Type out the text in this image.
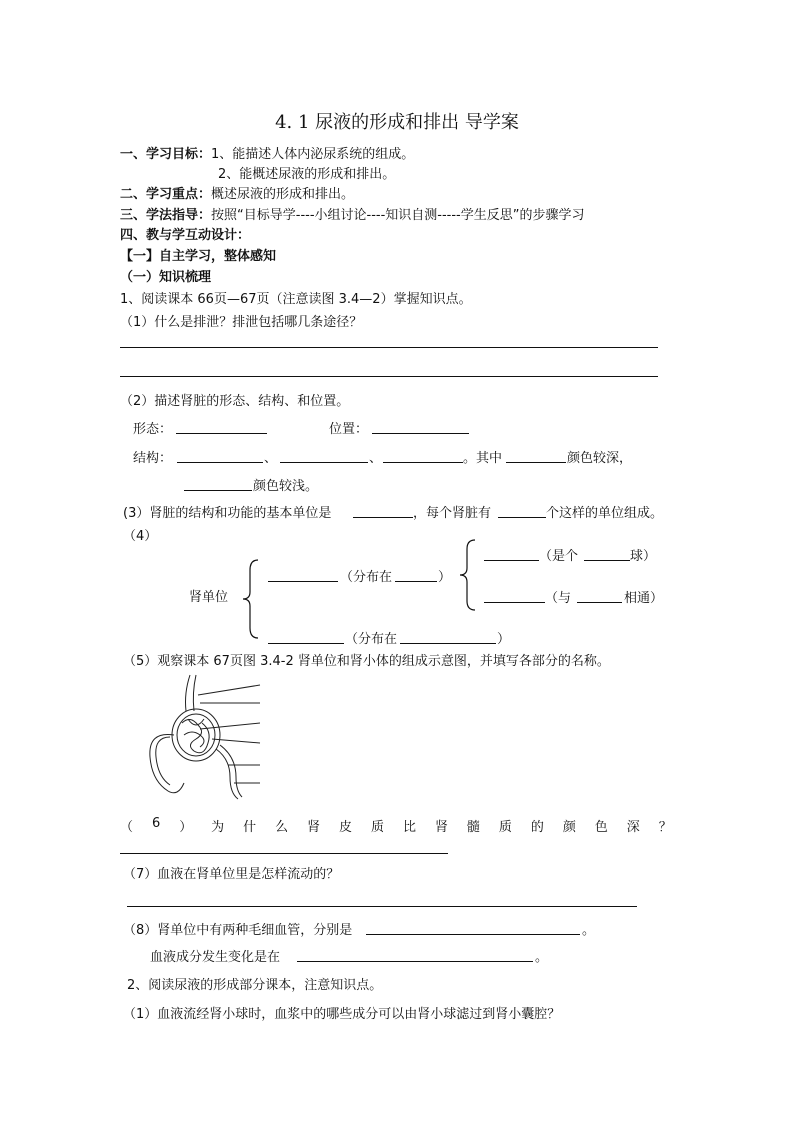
4. 1 尿液的形成和排出 导学案
一、学习目标：1、能描述人体内泌尿系统的组成。
2、能概述尿液的形成和排出。
二、学习重点：概述尿液的形成和排出。
三、学法指导：按照“目标导学----小组讨论----知识自测-----学生反思”的步骤学习
四、教与学互动设计：
【一】自主学习，整体感知
（一）知识梳理
1、阅读课本 66页—67页（注意读图 3.4—2）掌握知识点。
（1）什么是排泄？排泄包括哪几条途径？
（2）描述肾脏的形态、结构、和位置。
形态：	位置：
结构：	、	、	。其中	颜色较深，
颜色较浅。
(3）肾脏的结构和功能的基本单位是	，每个肾脏有	个这样的单位组成。
（4）
肾单位
（分布在	）
（是个	球）
（与	相通）
（分布在	）
（5）观察课本 67页图 3.4-2 肾单位和肾小体的组成示意图，并填写各部分的名称。
（ 6 ） 为 什 么 肾 皮 质 比 肾 髓 质 的 颜 色 深 ？
（7）血液在肾单位里是怎样流动的？
（8）肾单位中有两种毛细血管，分别是	。
血液成分发生变化是在	。
2、阅读尿液的形成部分课本，注意知识点。
（1）血液流经肾小球时，血浆中的哪些成分可以由肾小球滤过到肾小囊腔？
